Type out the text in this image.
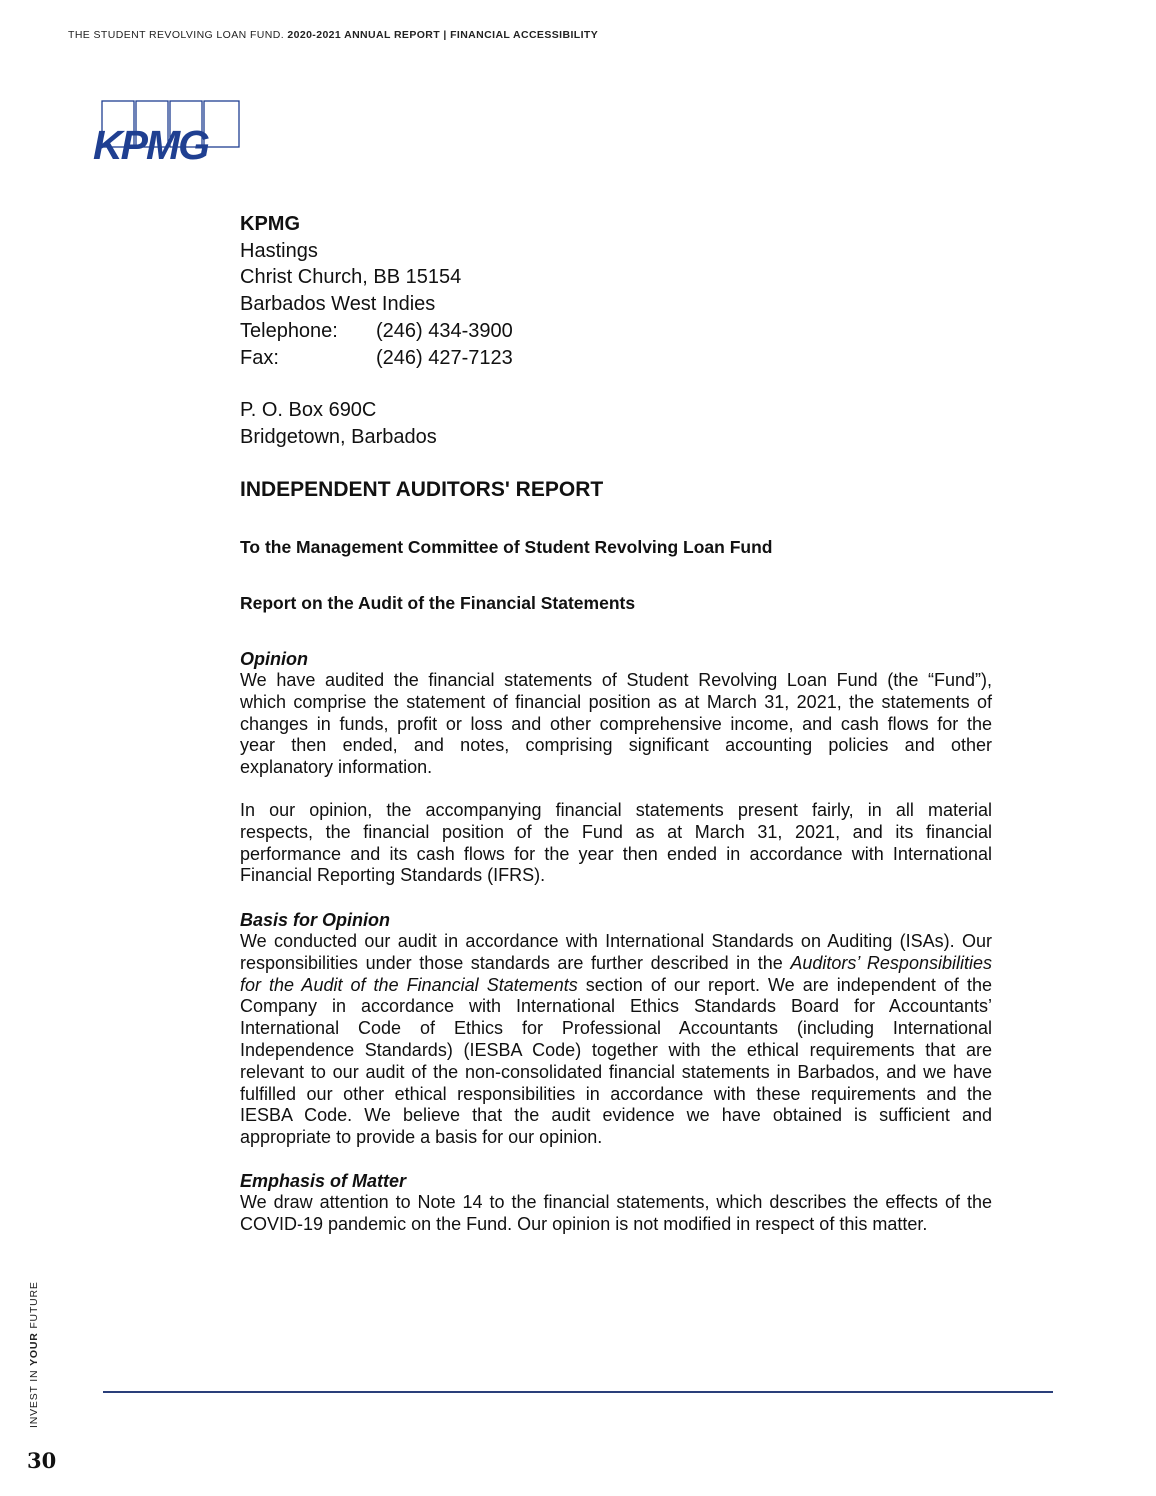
THE STUDENT REVOLVING LOAN FUND. 2020-2021 ANNUAL REPORT | FINANCIAL ACCESSIBILITY
KPMG
KPMG
Hastings
Christ Church, BB 15154
Barbados West Indies
Telephone:	(246) 434-3900
Fax:	(246) 427-7123
P. O. Box 690C
Bridgetown, Barbados
INDEPENDENT AUDITORS' REPORT
To the Management Committee of Student Revolving Loan Fund
Report on the Audit of the Financial Statements
Opinion
We have audited the financial statements of Student Revolving Loan Fund (the “Fund”),
which comprise the statement of financial position as at March 31, 2021, the statements of
changes in funds, profit or loss and other comprehensive income, and cash flows for the
year then ended, and notes, comprising significant accounting policies and other
explanatory information.
In our opinion, the accompanying financial statements present fairly, in all material
respects, the financial position of the Fund as at March 31, 2021, and its financial
performance and its cash flows for the year then ended in accordance with International
Financial Reporting Standards (IFRS).
Basis for Opinion
We conducted our audit in accordance with International Standards on Auditing (ISAs). Our
responsibilities under those standards are further described in the Auditors’ Responsibilities
for the Audit of the Financial Statements section of our report. We are independent of the
Company in accordance with International Ethics Standards Board for Accountants’
International Code of Ethics for Professional Accountants (including International
Independence Standards) (IESBA Code) together with the ethical requirements that are
relevant to our audit of the non-consolidated financial statements in Barbados, and we have
fulfilled our other ethical responsibilities in accordance with these requirements and the
IESBA Code. We believe that the audit evidence we have obtained is sufficient and
appropriate to provide a basis for our opinion.
Emphasis of Matter
We draw attention to Note 14 to the financial statements, which describes the effects of the
COVID-19 pandemic on the Fund. Our opinion is not modified in respect of this matter.
INVEST IN YOUR FUTURE
30
